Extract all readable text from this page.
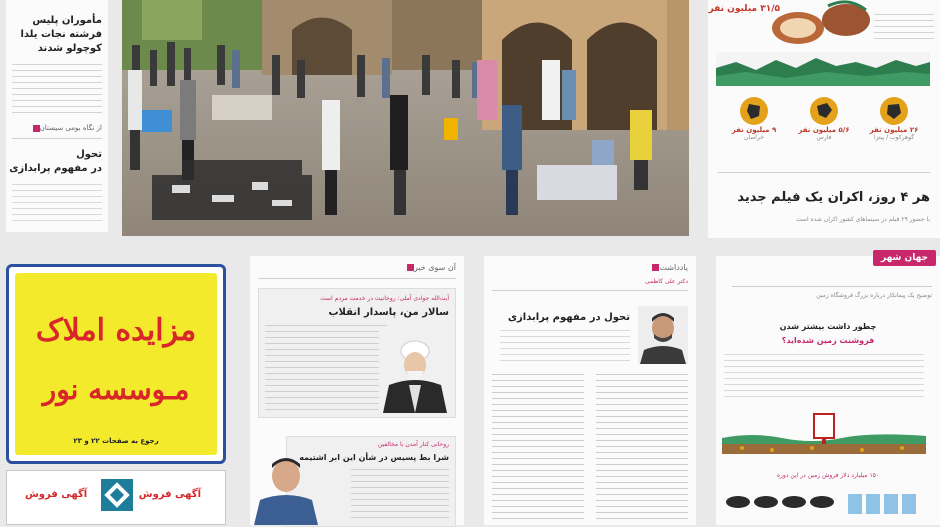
مأموران پلیس
فرشته نجات یلدا
کوچولو شدند
از نگاه بومی سیستان
تحول
در مفهوم پرابدازی
۳۱/۵ میلیون نفر
۲۶ میلیون نفر
گوهرکوب / پیتزا
۵/۶ میلیون نفر
فارس
۹ میلیون نفر
خراسان
هر ۴ روز، اکران یک فیلم جدید
با حضور ۲۹ فیلم در سینماهای کشور اکران شده است
مزایده املاک
مـوسسه نور
رجوع به صفحات ۲۲ و ۲۳
آگهی فروش
آگهی فروش
آن‌‌‌‌‌‌‌‌‌‌‌‌‌‌‌‌ سوی خبر
آیت‌الله جوادی آملی: روحانیت در خدمت مردم است
سالار من، پاسدار انقلاب
روحانی کنار آمدن با مخالفین
شرا بط پسیس در شأن این ابر اشتیمه
یادداشت
دکتر علی کاظمی
تحول در مفهوم پرابدازی
جهان شهر
توضیح یک پیمانکار درباره بزرگ فروشگاه زمین
چطور داشت بیشتر شدن
فروشنت زمین شده‌اید؟
۱۵۰ میلیارد دلار فروش زمین در این دوره
